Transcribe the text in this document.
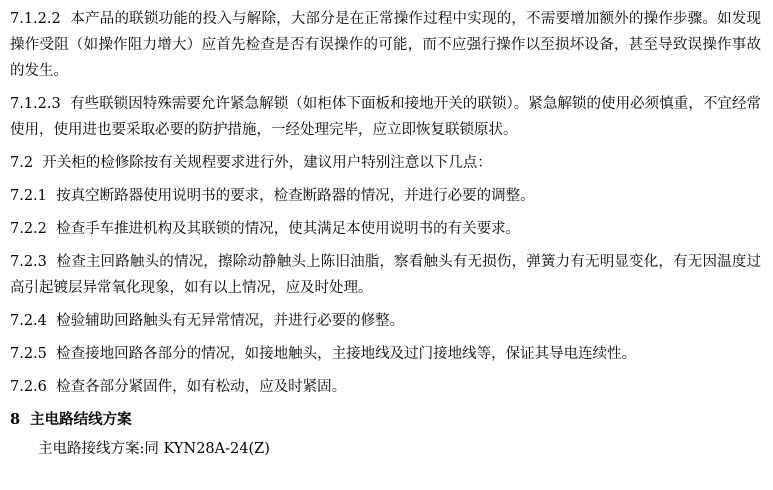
7.1.2.2 本产品的联锁功能的投入与解除，大部分是在正常操作过程中实现的，不需要增加额外的操作步骤。如发现操作受阻（如操作阻力增大）应首先检查是否有误操作的可能，而不应强行操作以至损坏设备，甚至导致误操作事故的发生。

7.1.2.3 有些联锁因特殊需要允许紧急解锁（如柜体下面板和接地开关的联锁）。紧急解锁的使用必须慎重，不宜经常使用，使用进也要采取必要的防护措施，一经处理完毕，应立即恢复联锁原状。

7.2 开关柜的检修除按有关规程要求进行外，建议用户特别注意以下几点：

7.2.1 按真空断路器使用说明书的要求，检查断路器的情况，并进行必要的调整。

7.2.2 检查手车推进机构及其联锁的情况，使其满足本使用说明书的有关要求。

7.2.3 检查主回路触头的情况，擦除动静触头上陈旧油脂，察看触头有无损伤，弹簧力有无明显变化，有无因温度过高引起镀层异常氧化现象，如有以上情况，应及时处理。

7.2.4 检验辅助回路触头有无异常情况，并进行必要的修整。

7.2.5 检查接地回路各部分的情况，如接地触头，主接地线及过门接地线等，保证其导电连续性。

7.2.6 检查各部分紧固件，如有松动，应及时紧固。

8 主电路结线方案

主电路接线方案:同 KYN28A-24(Z)
